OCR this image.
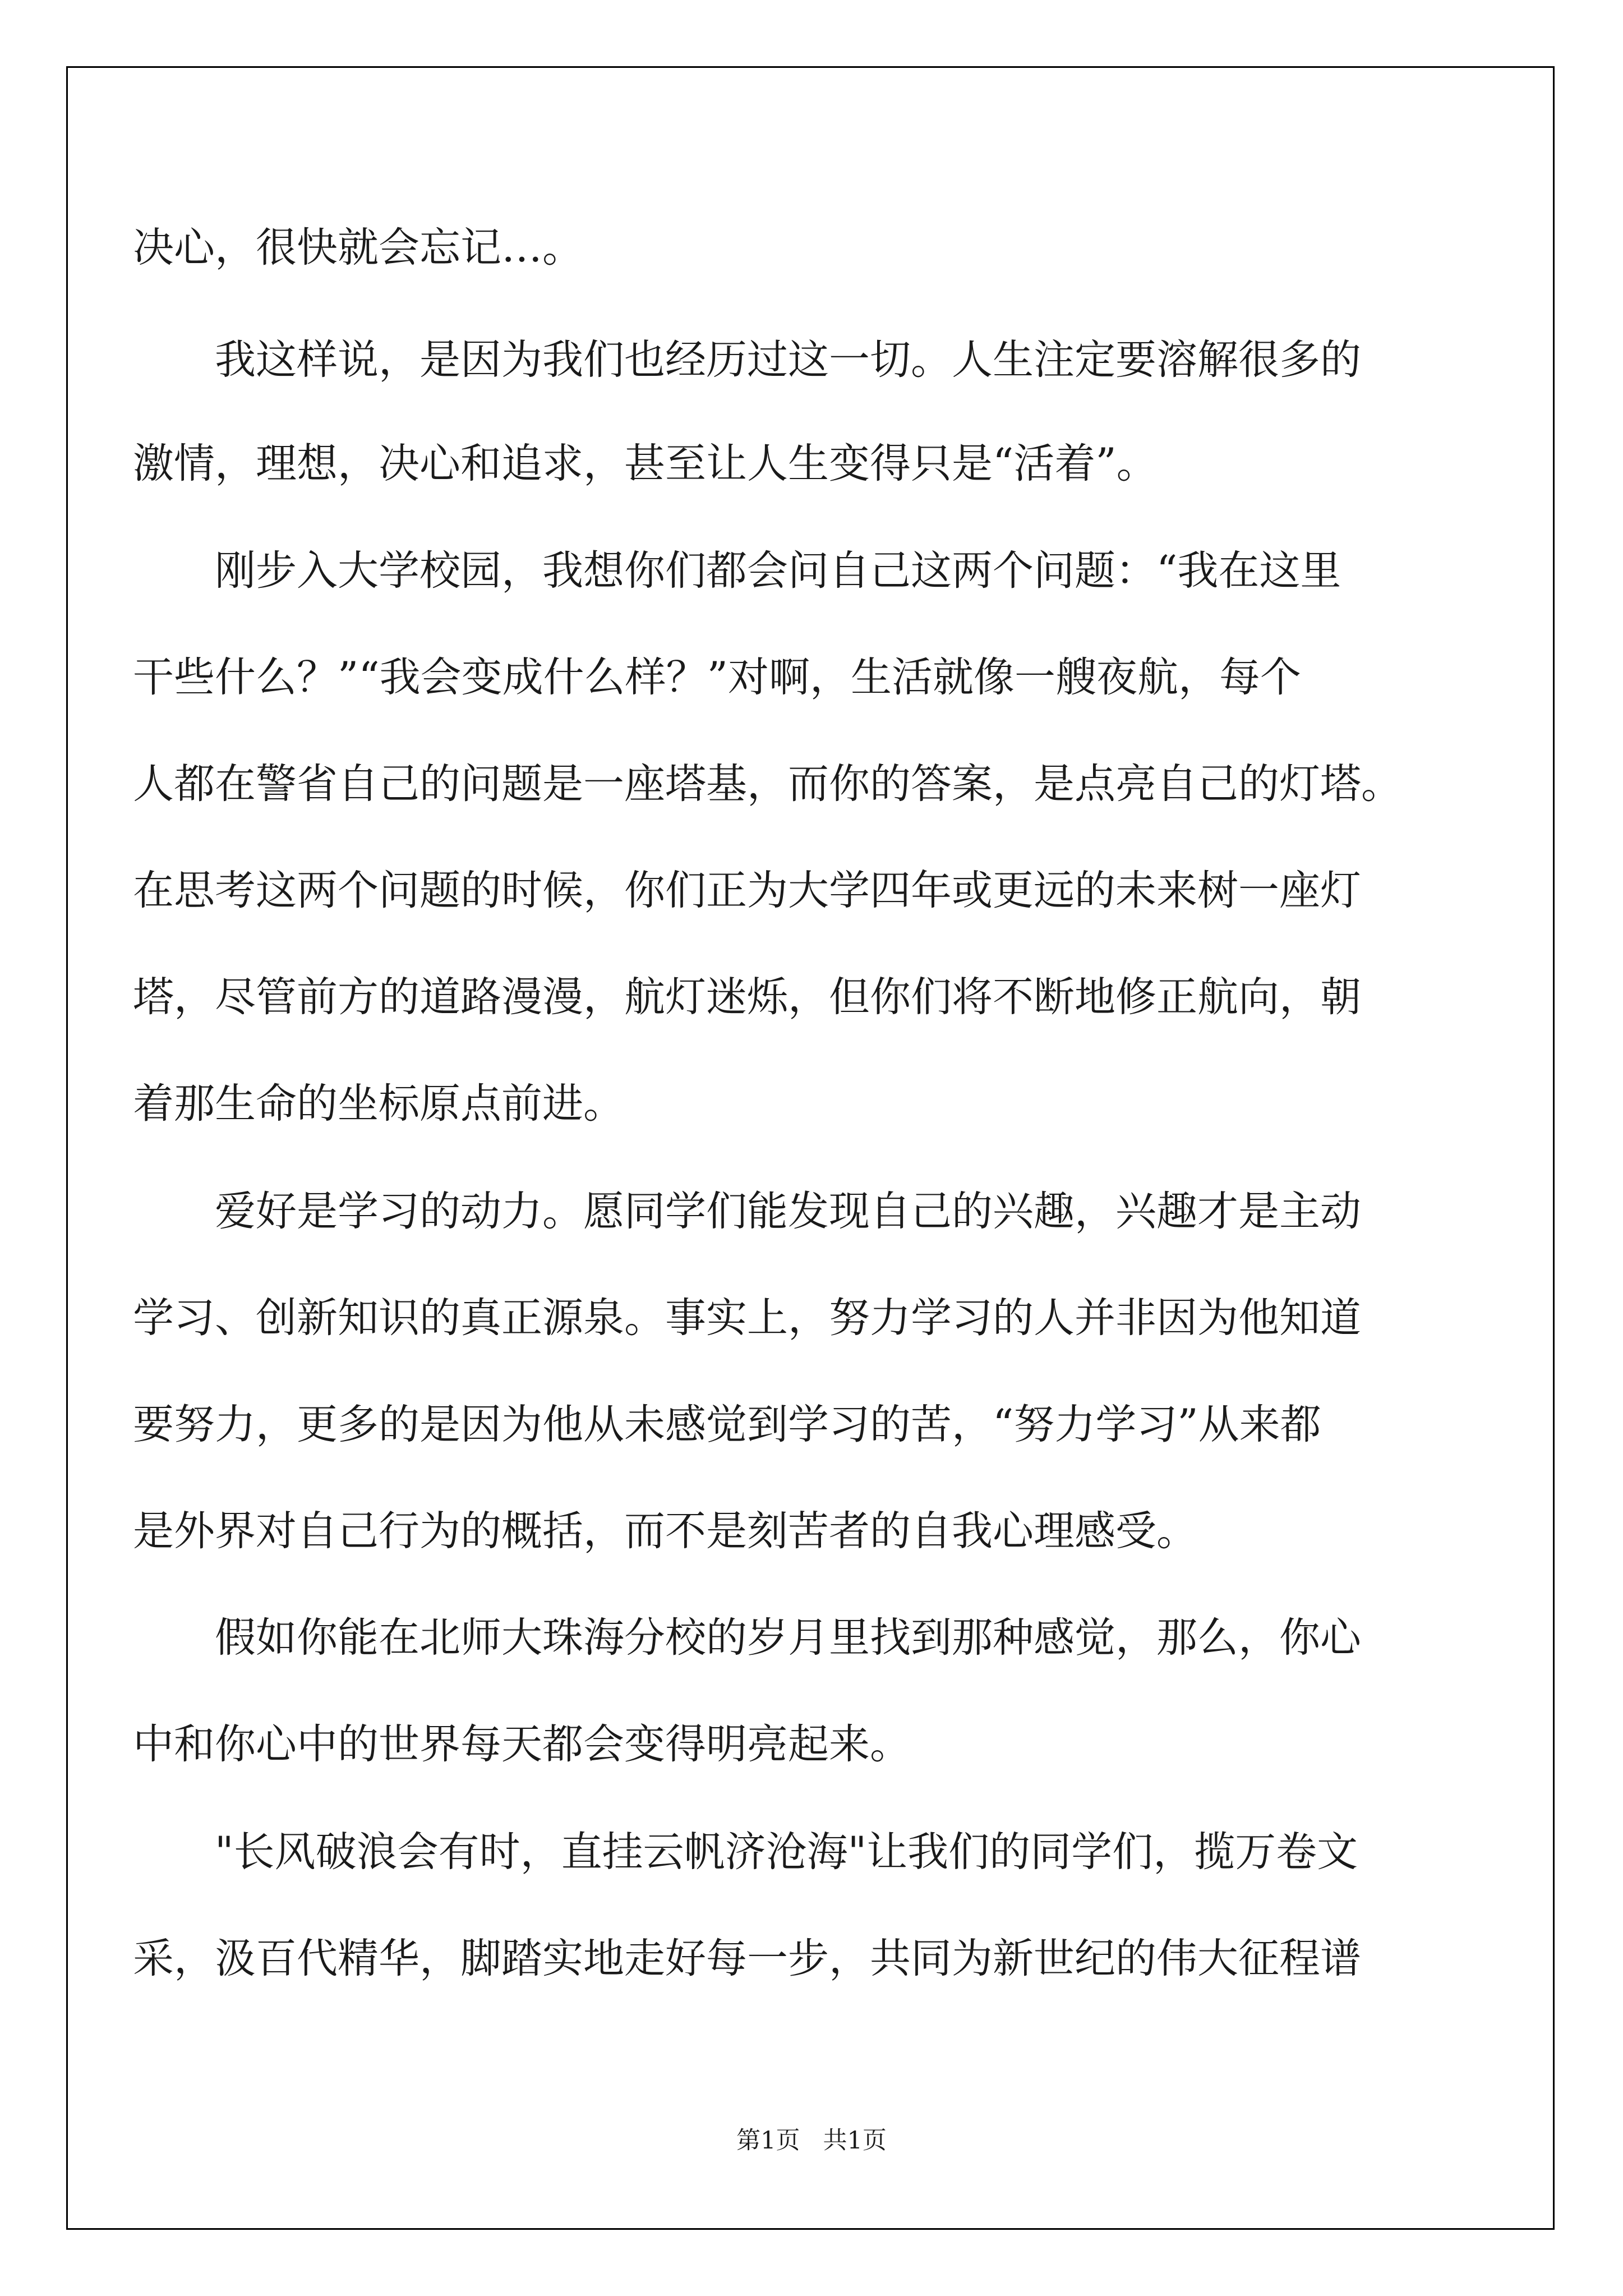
决心，很快就会忘记…。
我这样说，是因为我们也经历过这一切。人生注定要溶解很多的
激情，理想，决心和追求，甚至让人生变得只是“活着”。
刚步入大学校园，我想你们都会问自己这两个问题：“我在这里
干些什么？”“我会变成什么样？”对啊，生活就像一艘夜航，每个
人都在警省自己的问题是一座塔基，而你的答案，是点亮自己的灯塔。
在思考这两个问题的时候，你们正为大学四年或更远的未来树一座灯
塔，尽管前方的道路漫漫，航灯迷烁，但你们将不断地修正航向，朝
着那生命的坐标原点前进。
爱好是学习的动力。愿同学们能发现自己的兴趣，兴趣才是主动
学习、创新知识的真正源泉。事实上，努力学习的人并非因为他知道
要努力，更多的是因为他从未感觉到学习的苦，“努力学习”从来都
是外界对自己行为的概括，而不是刻苦者的自我心理感受。
假如你能在北师大珠海分校的岁月里找到那种感觉，那么，你心
中和你心中的世界每天都会变得明亮起来。
"长风破浪会有时，直挂云帆济沧海"让我们的同学们，揽万卷文
采，汲百代精华，脚踏实地走好每一步，共同为新世纪的伟大征程谱
第1页 共1页
